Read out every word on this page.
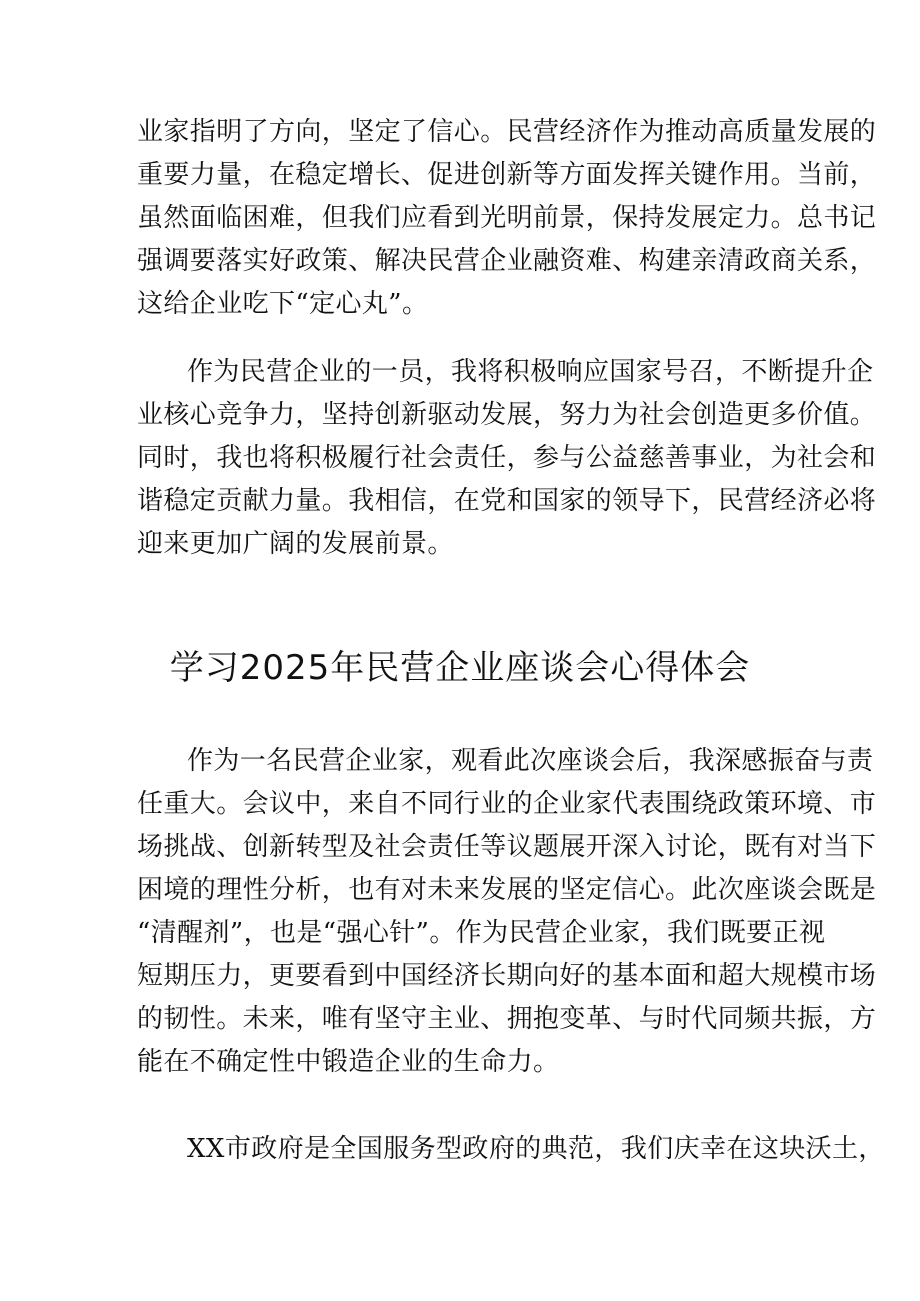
业家指明了方向，坚定了信心。民营经济作为推动高质量发展的
重要力量，在稳定增长、促进创新等方面发挥关键作用。当前，
虽然面临困难，但我们应看到光明前景，保持发展定力。总书记
强调要落实好政策、解决民营企业融资难、构建亲清政商关系，
这给企业吃下“定心丸”。
作为民营企业的一员，我将积极响应国家号召，不断提升企
业核心竞争力，坚持创新驱动发展，努力为社会创造更多价值。
同时，我也将积极履行社会责任，参与公益慈善事业，为社会和
谐稳定贡献力量。我相信，在党和国家的领导下，民营经济必将
迎来更加广阔的发展前景。
学习2025年民营企业座谈会心得体会
作为一名民营企业家，观看此次座谈会后，我深感振奋与责
任重大。会议中，来自不同行业的企业家代表围绕政策环境、市
场挑战、创新转型及社会责任等议题展开深入讨论，既有对当下
困境的理性分析，也有对未来发展的坚定信心。此次座谈会既是
“清醒剂”，也是“强心针”。作为民营企业家，我们既要正视
短期压力，更要看到中国经济长期向好的基本面和超大规模市场
的韧性。未来，唯有坚守主业、拥抱变革、与时代同频共振，方
能在不确定性中锻造企业的生命力。
XX市政府是全国服务型政府的典范，我们庆幸在这块沃土，
